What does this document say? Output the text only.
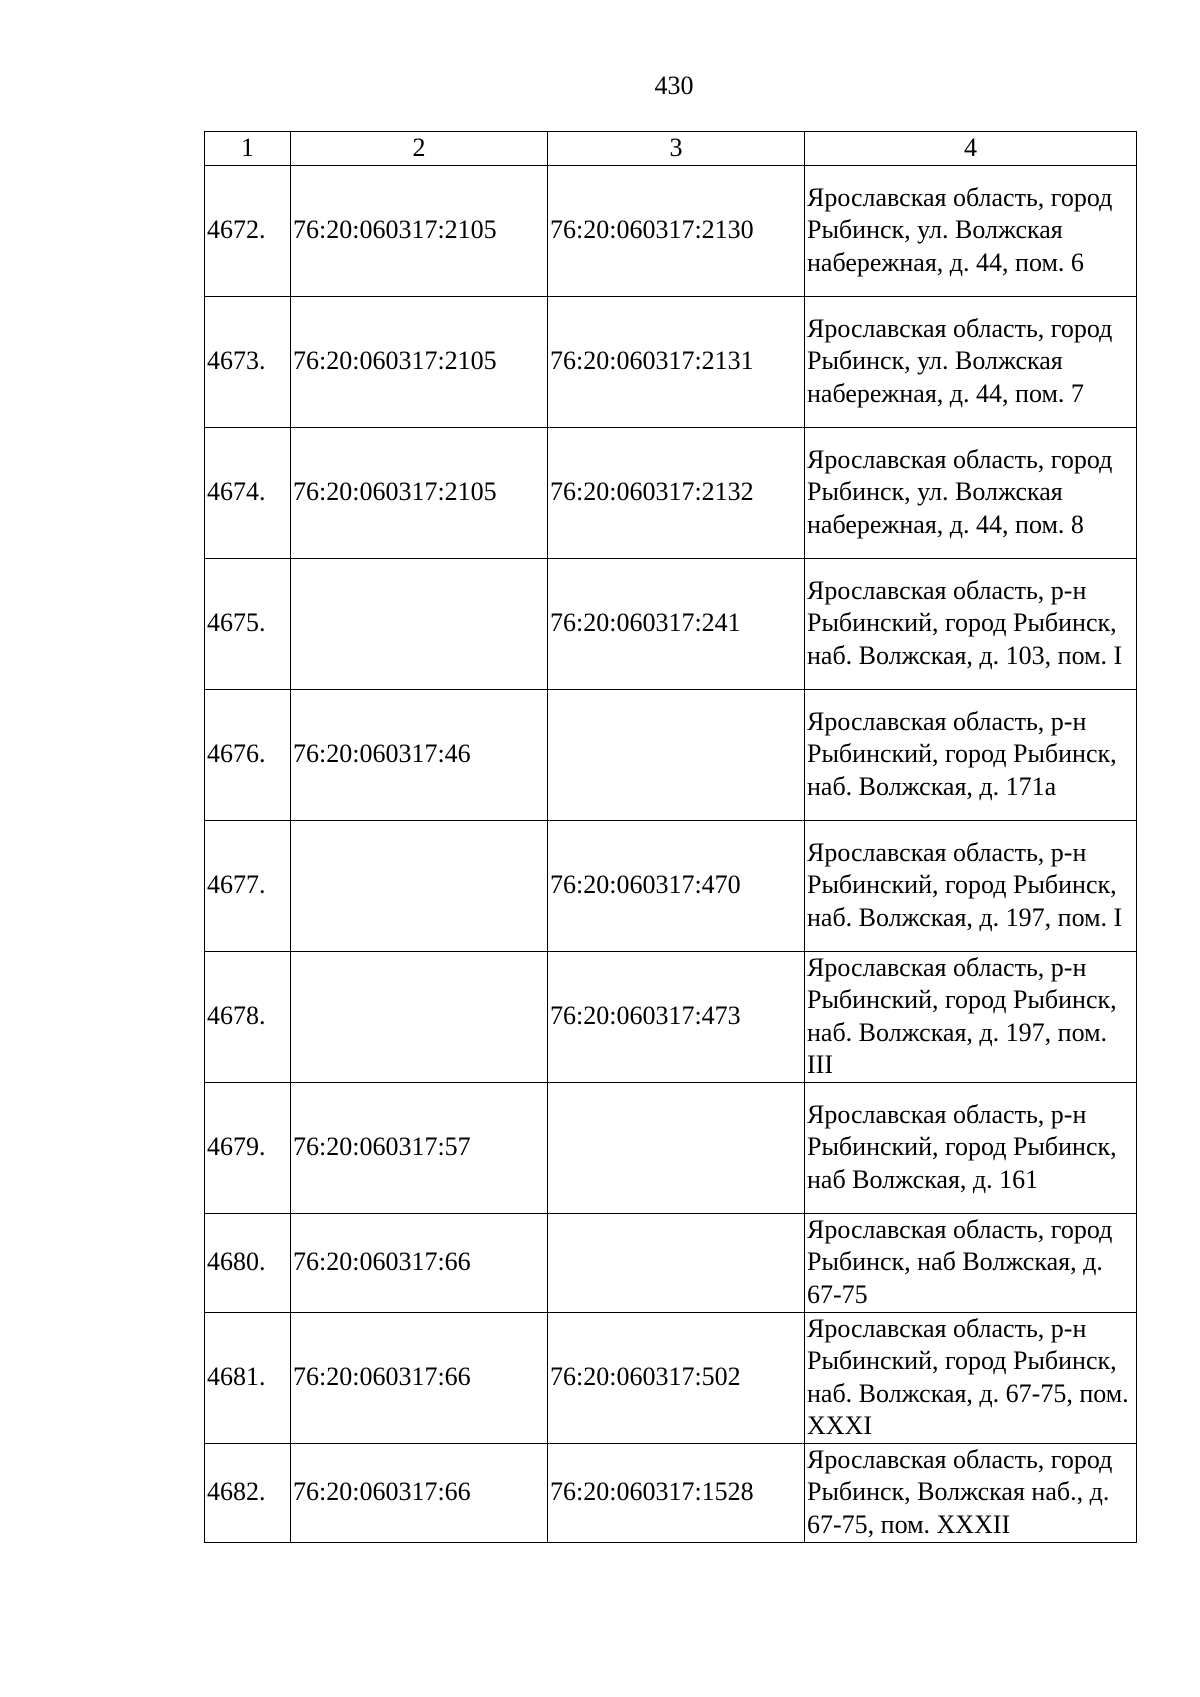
430
1	2	3	4
4672.	76:20:060317:2105	76:20:060317:2130	Ярославская область, город Рыбинск, ул. Волжская набережная, д. 44, пом. 6
4673.	76:20:060317:2105	76:20:060317:2131	Ярославская область, город Рыбинск, ул. Волжская набережная, д. 44, пом. 7
4674.	76:20:060317:2105	76:20:060317:2132	Ярославская область, город Рыбинск, ул. Волжская набережная, д. 44, пом. 8
4675.		76:20:060317:241	Ярославская область, р-н Рыбинский, город Рыбинск, наб. Волжская, д. 103, пом. I
4676.	76:20:060317:46		Ярославская область, р-н Рыбинский, город Рыбинск, наб. Волжская, д. 171а
4677.		76:20:060317:470	Ярославская область, р-н Рыбинский, город Рыбинск, наб. Волжская, д. 197, пом. I
4678.		76:20:060317:473	Ярославская область, р-н Рыбинский, город Рыбинск, наб. Волжская, д. 197, пом. III
4679.	76:20:060317:57		Ярославская область, р-н Рыбинский, город Рыбинск, наб Волжская, д. 161
4680.	76:20:060317:66		Ярославская область, город Рыбинск, наб Волжская, д. 67-75
4681.	76:20:060317:66	76:20:060317:502	Ярославская область, р-н Рыбинский, город Рыбинск, наб. Волжская, д. 67-75, пом. XXXI
4682.	76:20:060317:66	76:20:060317:1528	Ярославская область, город Рыбинск, Волжская наб., д. 67-75, пом. XXXII
